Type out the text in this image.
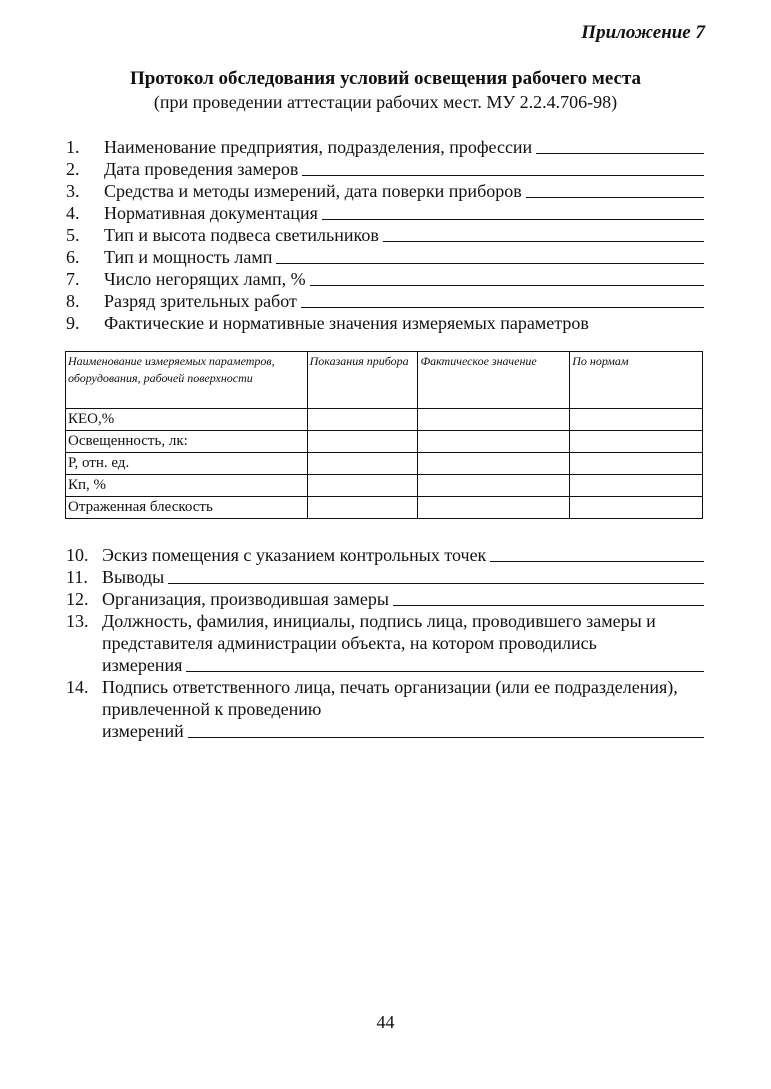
Приложение 7
Протокол обследования условий освещения рабочего места
(при проведении аттестации рабочих мест. МУ 2.2.4.706-98)
1.	Наименование предприятия, подразделения, профессии
2.	Дата проведения замеров
3.	Средства и методы измерений, дата поверки приборов
4.	Нормативная документация
5.	Тип и высота подвеса светильников
6.	Тип и мощность ламп
7.	Число негорящих ламп, %
8.	Разряд зрительных работ
9.	Фактические и нормативные значения измеряемых параметров
Наименование измеряемых параметров, оборудования, рабочей поверхности	Показания прибора	Фактическое значение	По нормам
КЕО,%			
Освещенность, лк:			
Р, отн. ед.			
Кп, %			
Отраженная блескость			
10. Эскиз помещения с указанием контрольных точек
11. Выводы
12. Организация, производившая замеры
13. Должность, фамилия, инициалы, подпись лица, проводившего замеры и представителя администрации объекта, на котором проводились
измерения
14. Подпись ответственного лица, печать организации (или ее подразделения), привлеченной к проведению
измерений
44
